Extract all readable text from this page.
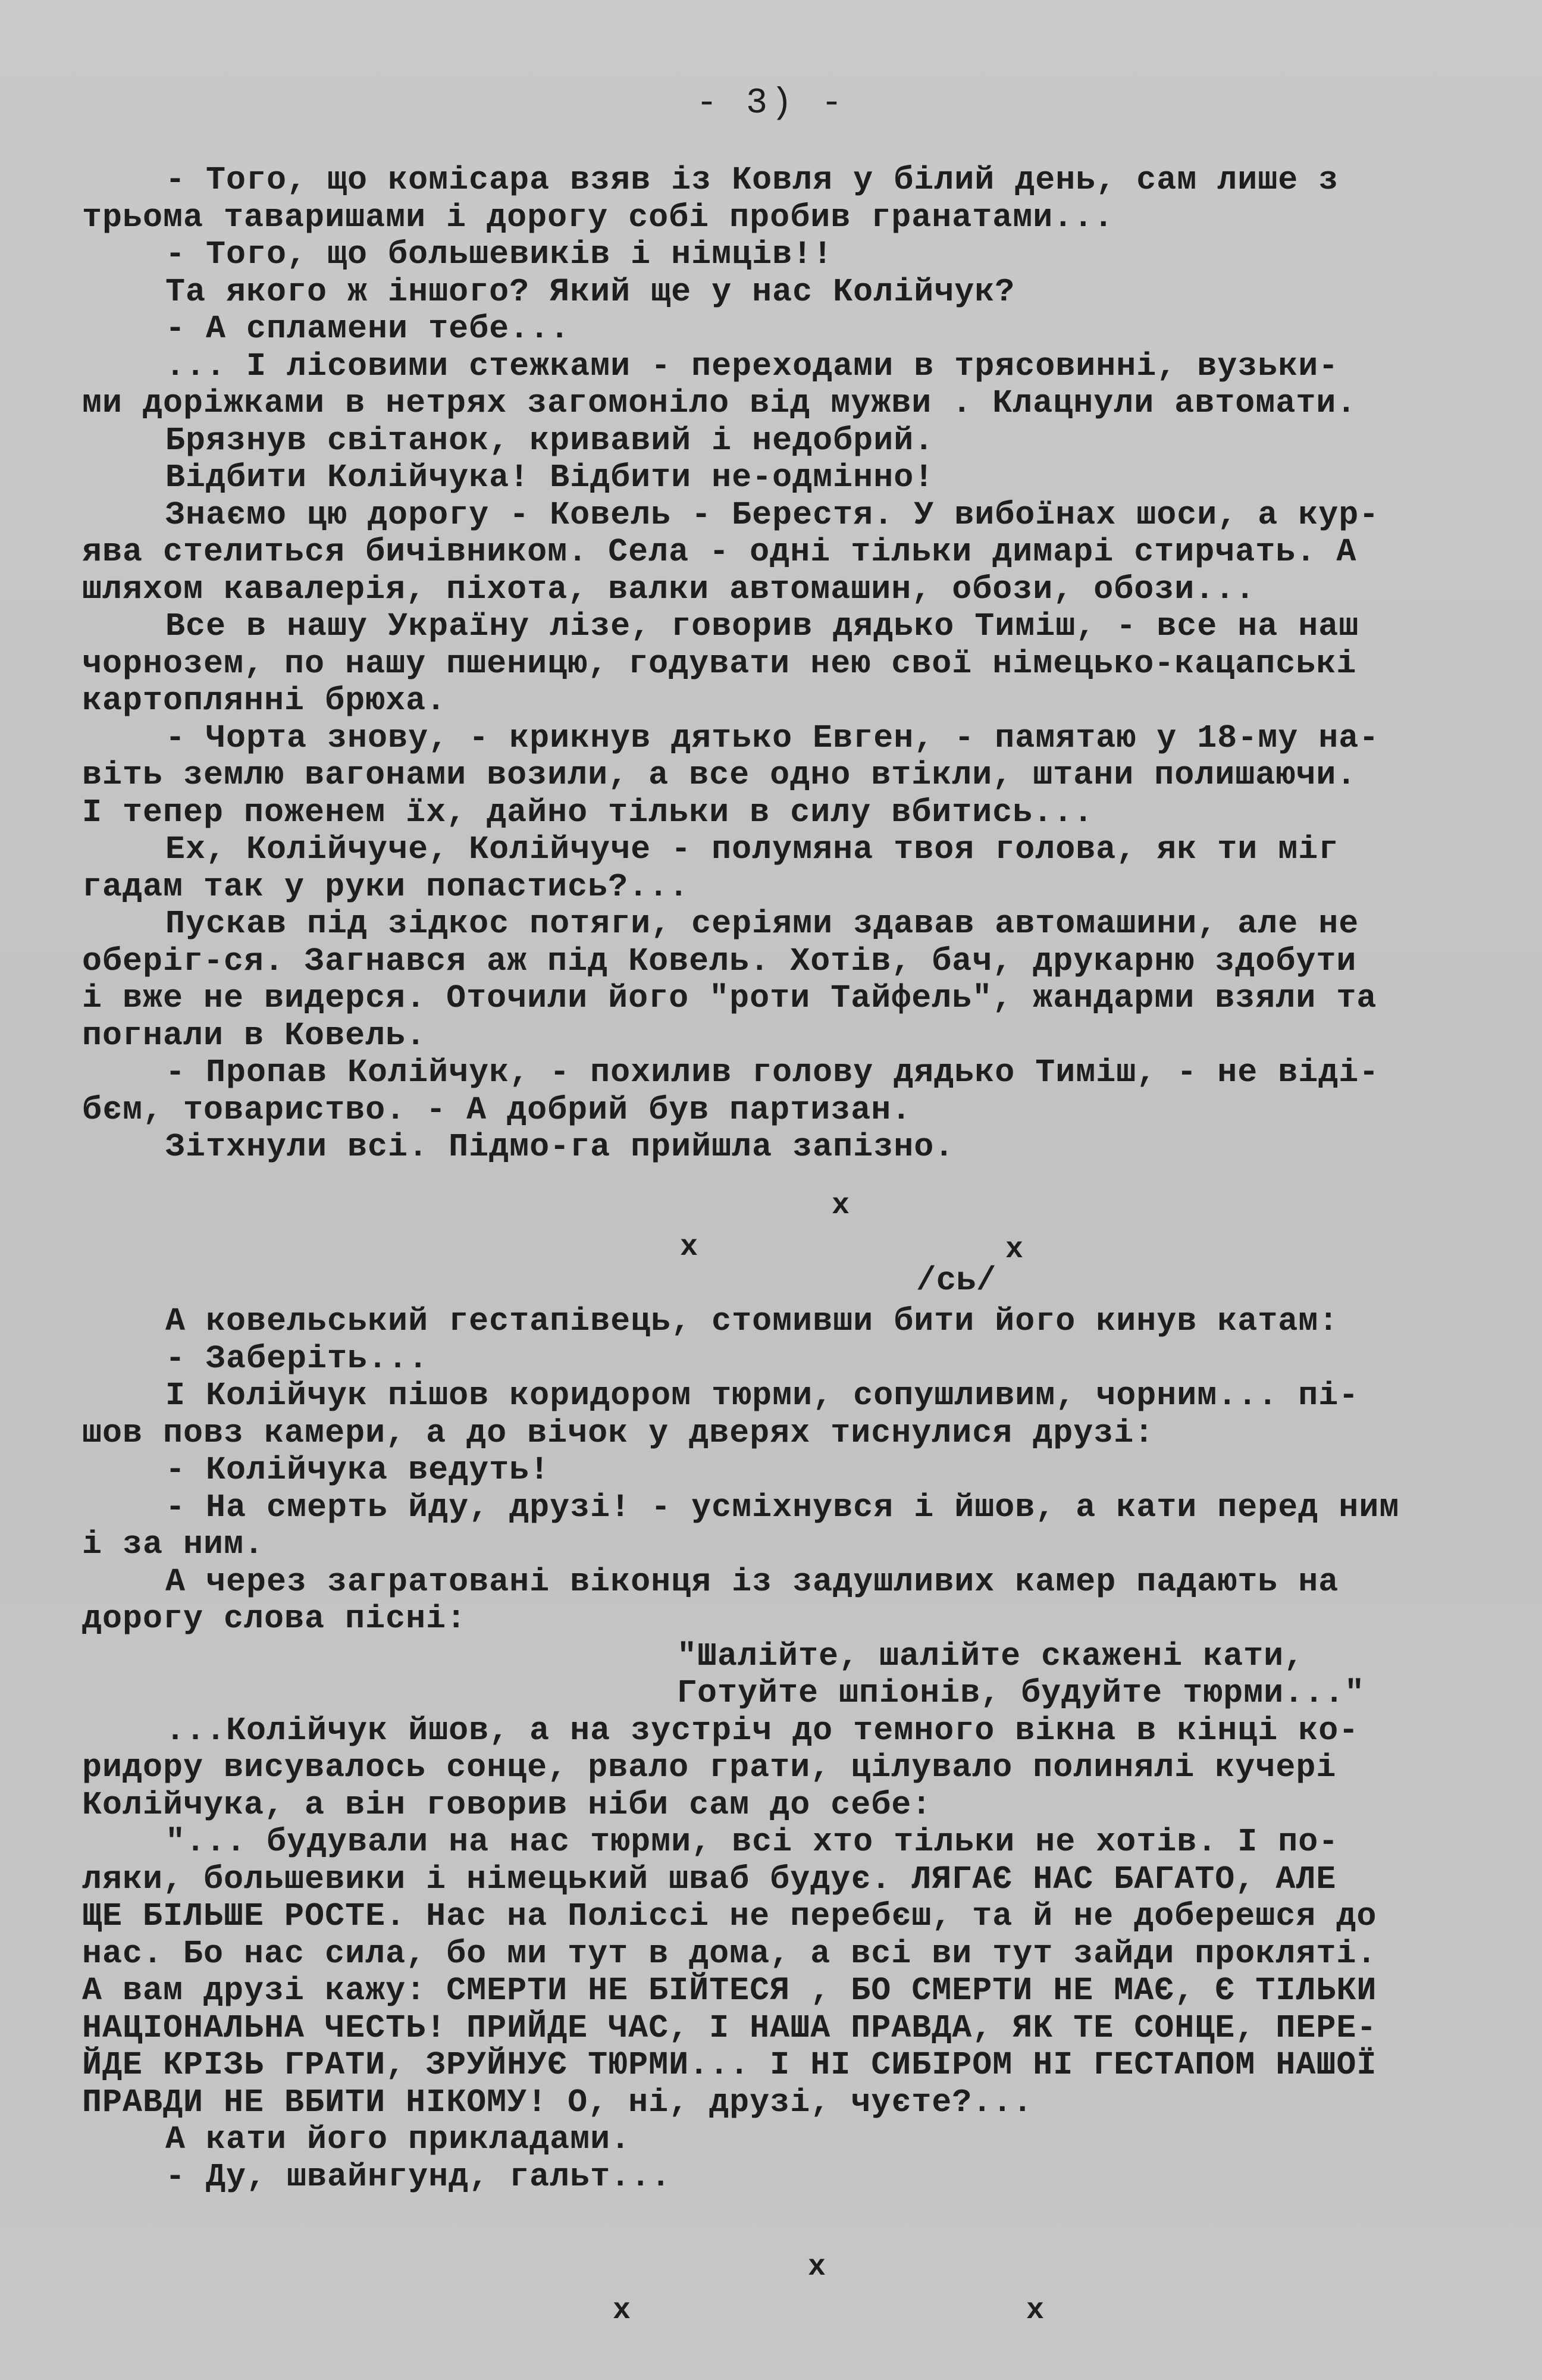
- 3) -

- Того, що комісара взяв із Ковля у білий день, сам лише з

трьома таваришами і дорогу собі пробив гранатами...

- Того, що большевиків і німців!!

Та якого ж іншого? Який ще у нас Колійчук?

- А спламени тебе...

... І лісовими стежками - переходами в трясовинні, вузьки-

ми доріжками в нетрях загомоніло від мужви . Клацнули автомати.

Брязнув світанок, кривавий і недобрий.

Відбити Колійчука! Відбити не-одмінно!

Знаємо цю дорогу - Ковель - Берестя. У вибоїнах шоси, а кур-

ява стелиться бичівником. Села - одні тільки димарі стирчать. А

шляхом кавалерія, піхота, валки автомашин, обози, обози...

Все в нашу Україну лізе, говорив дядько Тиміш, - все на наш

чорнозем, по нашу пшеницю, годувати нею свої німецько-кацапські

картоплянні брюха.

- Чорта знову, - крикнув дятько Евген, - памятаю у 18-му на-

віть землю вагонами возили, а все одно втікли, штани полишаючи.

І тепер поженем їх, дайно тільки в силу вбитись...

Ех, Колійчуче, Колійчуче - полумяна твоя голова, як ти міг

гадам так у руки попастись?...

Пускав під зідкос потяги, серіями здавав автомашини, але не

оберіг-ся. Загнався аж під Ковель. Хотів, бач, друкарню здобути

і вже не видерся. Оточили його "роти Тайфель", жандарми взяли та

погнали в Ковель.

- Пропав Колійчук, - похилив голову дядько Тиміш, - не віді-

бєм, товариство. - А добрий був партизан.

Зітхнули всі. Підмо-га прийшла запізно.

x
x	x
/сь/

А ковельський гестапівець, стомивши бити його кинув катам:

- Заберіть...

І Колійчук пішов коридором тюрми, сопушливим, чорним... пі-

шов повз камери, а до вічок у дверях тиснулися друзі:

- Колійчука ведуть!

- На смерть йду, друзі! - усміхнувся і йшов, а кати перед ним

і за ним.

А через загратовані віконця із задушливих камер падають на

дорогу слова пісні:

"Шалійте, шалійте скажені кати,

Готуйте шпіонів, будуйте тюрми..."

...Колійчук йшов, а на зустріч до темного вікна в кінці ко-

ридору висувалось сонце, рвало грати, цілувало полинялі кучері

Колійчука, а він говорив ніби сам до себе:

"... будували на нас тюрми, всі хто тільки не хотів. І по-

ляки, большевики і німецький шваб будує. ЛЯГАЄ НАС БАГАТО, АЛЕ

ЩЕ БІЛЬШЕ РОСТЕ. Нас на Поліссі не перебєш, та й не доберешся до

нас. Бо нас сила, бо ми тут в дома, а всі ви тут зайди прокляті.

А вам друзі кажу: СМЕРТИ НЕ БІЙТЕСЯ , БО СМЕРТИ НЕ МАЄ, Є ТІЛЬКИ

НАЦІОНАЛЬНА ЧЕСТЬ! ПРИЙДЕ ЧАС, І НАША ПРАВДА, ЯК ТЕ СОНЦЕ, ПЕРЕ-

ЙДЕ КРІЗЬ ГРАТИ, ЗРУЙНУЄ ТЮРМИ... І НІ СИБІРОМ НІ ГЕСТАПОМ НАШОЇ

ПРАВДИ НЕ ВБИТИ НІКОМУ! О, ні, друзі, чуєте?...

А кати його прикладами.

- Ду, швайнгунд, гальт...

x
x	x
